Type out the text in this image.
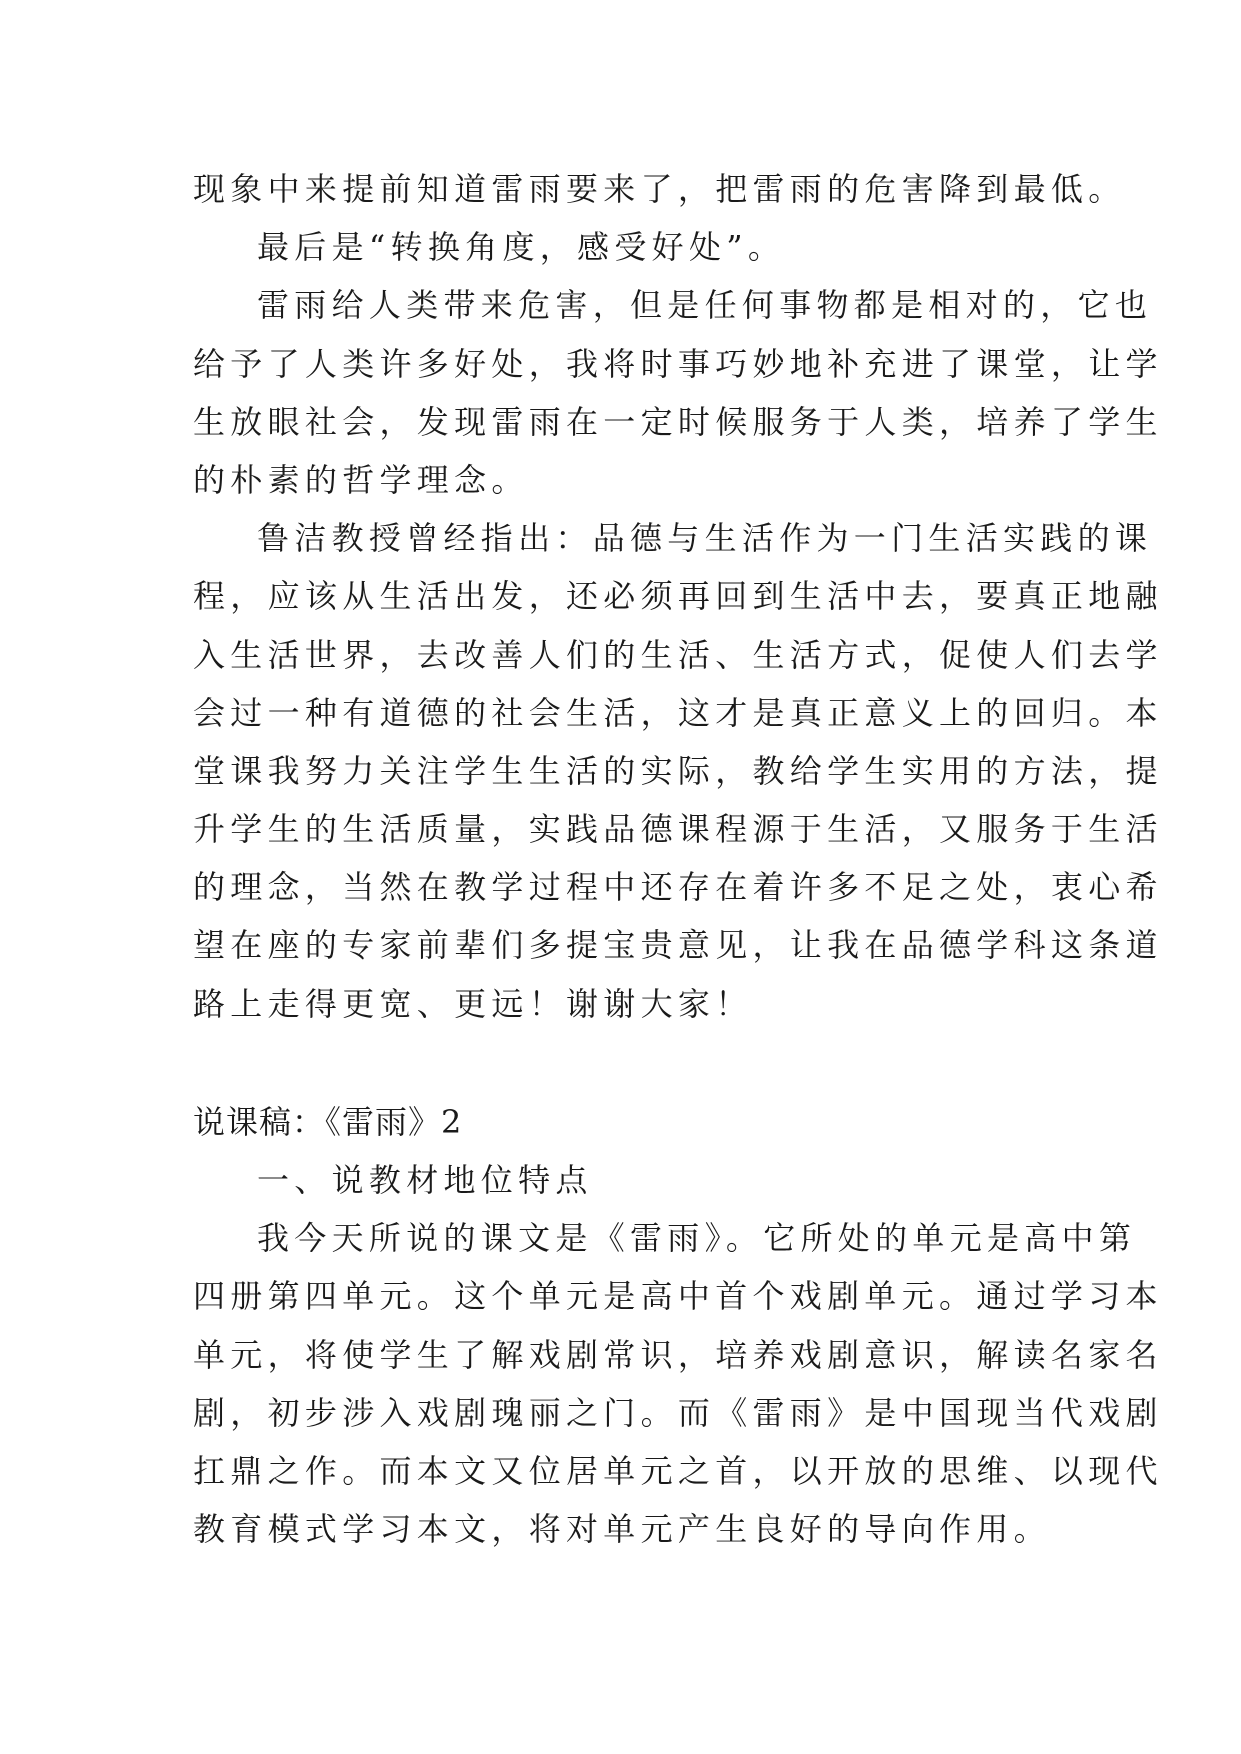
现象中来提前知道雷雨要来了，把雷雨的危害降到最低。
最后是“转换角度，感受好处”。
雷雨给人类带来危害，但是任何事物都是相对的，它也
给予了人类许多好处，我将时事巧妙地补充进了课堂，让学
生放眼社会，发现雷雨在一定时候服务于人类，培养了学生
的朴素的哲学理念。
鲁洁教授曾经指出：品德与生活作为一门生活实践的课
程，应该从生活出发，还必须再回到生活中去，要真正地融
入生活世界，去改善人们的生活、生活方式，促使人们去学
会过一种有道德的社会生活，这才是真正意义上的回归。本
堂课我努力关注学生生活的实际，教给学生实用的方法，提
升学生的生活质量，实践品德课程源于生活，又服务于生活
的理念，当然在教学过程中还存在着许多不足之处，衷心希
望在座的专家前辈们多提宝贵意见，让我在品德学科这条道
路上走得更宽、更远！谢谢大家！
说课稿：《雷雨》2
一、说教材地位特点
我今天所说的课文是《雷雨》。它所处的单元是高中第
四册第四单元。这个单元是高中首个戏剧单元。通过学习本
单元，将使学生了解戏剧常识，培养戏剧意识，解读名家名
剧，初步涉入戏剧瑰丽之门。而《雷雨》是中国现当代戏剧
扛鼎之作。而本文又位居单元之首，以开放的思维、以现代
教育模式学习本文，将对单元产生良好的导向作用。
